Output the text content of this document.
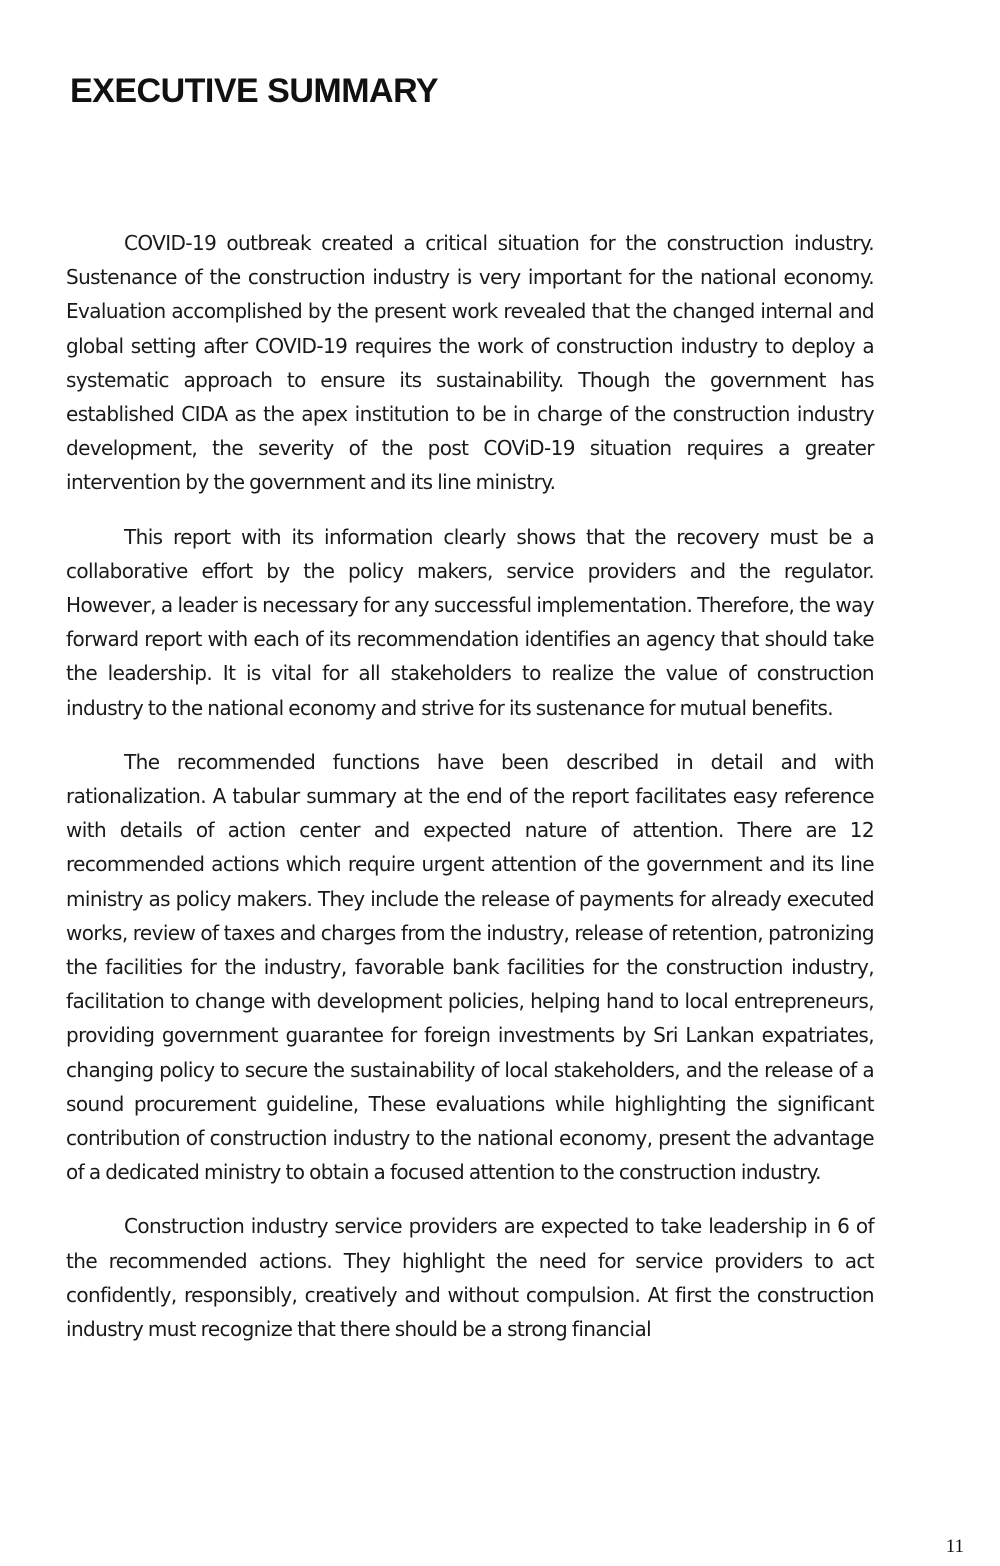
EXECUTIVE SUMMARY

COVID-19 outbreak created a critical situation for the construction industry. Sustenance of the construction industry is very important for the national economy. Evaluation accomplished by the present work revealed that the changed internal and global setting after COVID-19 requires the work of construction industry to deploy a systematic approach to ensure its sustainability. Though the government has established CIDA as the apex institution to be in charge of the construction industry development, the severity of the post COViD-19 situation requires a greater intervention by the government and its line ministry.

This report with its information clearly shows that the recovery must be a collaborative effort by the policy makers, service providers and the regulator. However, a leader is necessary for any successful implementation. Therefore, the way forward report with each of its recommendation identifies an agency that should take the leadership. It is vital for all stakeholders to realize the value of construction industry to the national economy and strive for its sustenance for mutual benefits.

The recommended functions have been described in detail and with rationalization. A tabular summary at the end of the report facilitates easy reference with details of action center and expected nature of attention. There are 12 recommended actions which require urgent attention of the government and its line ministry as policy makers. They include the release of payments for already executed works, review of taxes and charges from the industry, release of retention, patronizing the facilities for the industry, favorable bank facilities for the construction industry, facilitation to change with development policies, helping hand to local entrepreneurs, providing government guarantee for foreign investments by Sri Lankan expatriates, changing policy to secure the sustainability of local stakeholders, and the release of a sound procurement guideline, These evaluations while highlighting the significant contribution of construction industry to the national economy, present the advantage of a dedicated ministry to obtain a focused attention to the construction industry.

Construction industry service providers are expected to take leadership in 6 of the recommended actions. They highlight the need for service providers to act confidently, responsibly, creatively and without compulsion. At first the construction industry must recognize that there should be a strong financial

11
